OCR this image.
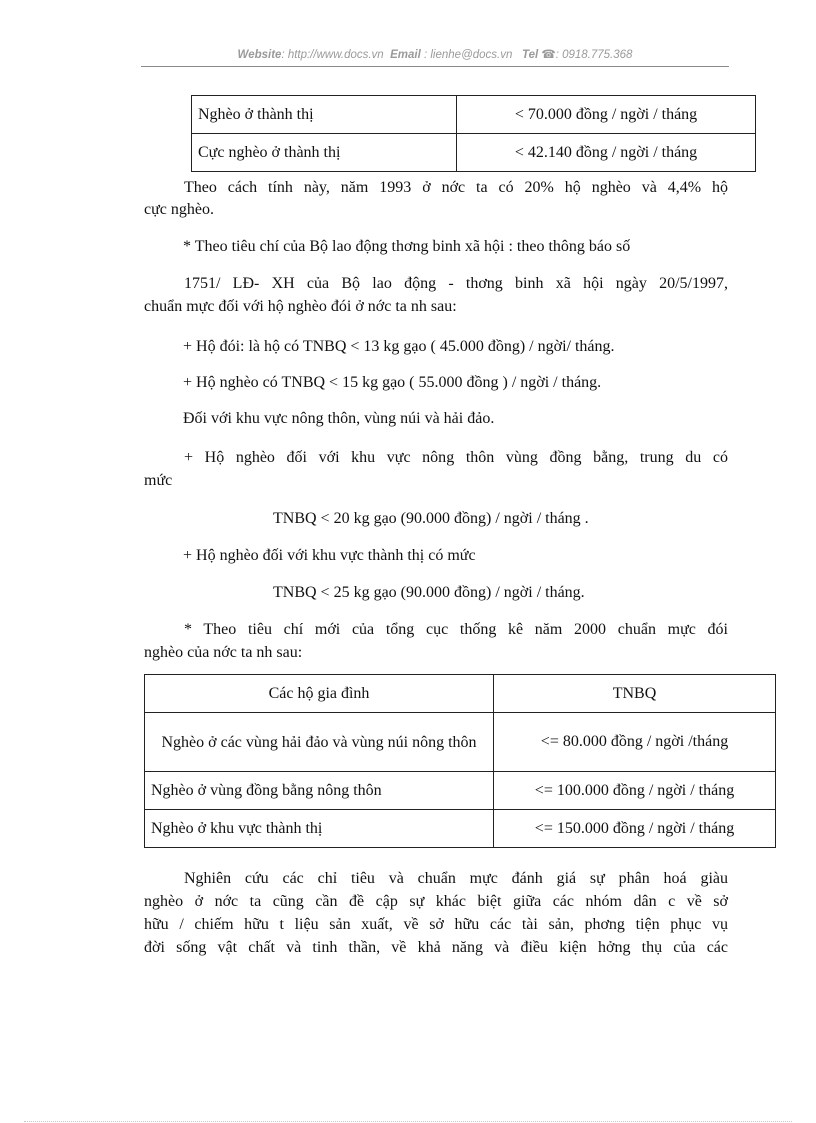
Website: http://www.docs.vn Email : lienhe@docs.vn Tel ☎: 0918.775.368
Nghèo ở thành thị	< 70.000 đồng / ngời / tháng
Cực nghèo ở thành thị	< 42.140 đồng / ngời / tháng
Theo cách tính này, năm 1993 ở nớc ta có 20% hộ nghèo và 4,4% hộ
cực nghèo.
* Theo tiêu chí của Bộ lao động thơng binh xã hội : theo thông báo số
1751/ LĐ- XH của Bộ lao động - thơng binh xã hội ngày 20/5/1997,
chuẩn mực đối với hộ nghèo đói ở nớc ta nh sau:
+ Hộ đói: là hộ có TNBQ < 13 kg gạo ( 45.000 đồng) / ngời/ tháng.
+ Hộ nghèo có TNBQ < 15 kg gạo ( 55.000 đồng ) / ngời / tháng.
Đối với khu vực nông thôn, vùng núi và hải đảo.
+ Hộ nghèo đối với khu vực nông thôn vùng đồng bằng, trung du có
mức
TNBQ < 20 kg gạo (90.000 đồng) / ngời / tháng .
+ Hộ nghèo đối với khu vực thành thị có mức
TNBQ < 25 kg gạo (90.000 đồng) / ngời / tháng.
* Theo tiêu chí mới của tổng cục thống kê năm 2000 chuẩn mực đói
nghèo của nớc ta nh sau:
Các hộ gia đình	TNBQ
Nghèo ở các vùng hải đảo và vùng núi nông thôn	<= 80.000 đồng / ngời /tháng
Nghèo ở vùng đồng bằng nông thôn	<= 100.000 đồng / ngời / tháng
Nghèo ở khu vực thành thị	<= 150.000 đồng / ngời / tháng
Nghiên cứu các chỉ tiêu và chuẩn mực đánh giá sự phân hoá giàu
nghèo ở nớc ta cũng cần đề cập sự khác biệt giữa các nhóm dân c về sở
hữu / chiếm hữu t liệu sản xuất, về sở hữu các tài sản, phơng tiện phục vụ
đời sống vật chất và tinh thần, về khả năng và điều kiện hởng thụ của các
